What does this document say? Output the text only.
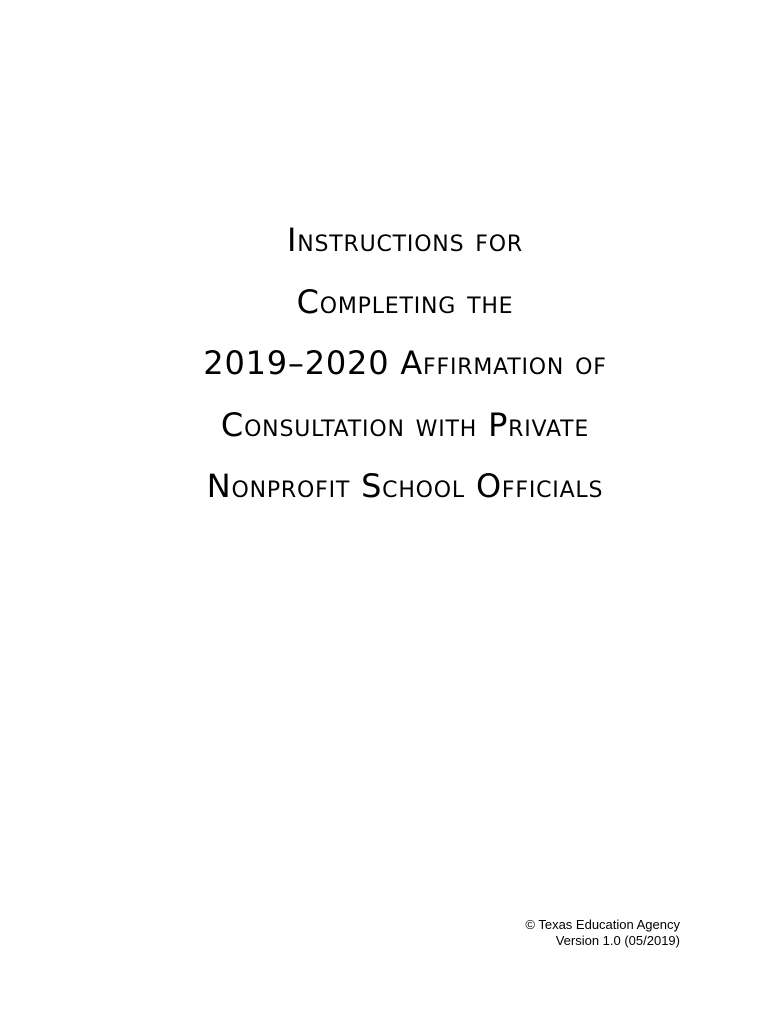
Instructions for
Completing the
2019–2020 Affirmation of
Consultation with Private
Nonprofit School Officials
© Texas Education Agency
Version 1.0 (05/2019)
